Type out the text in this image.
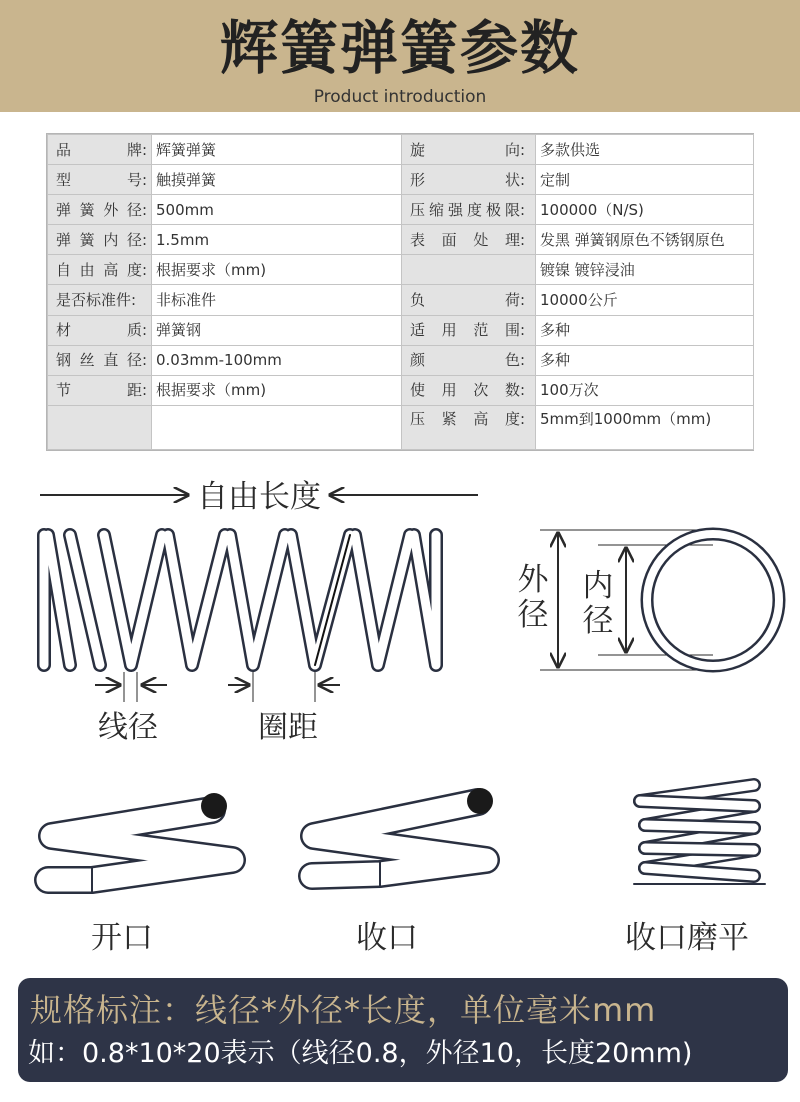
辉簧弹簧参数
Product introduction
品牌:	辉簧弹簧	旋向:	多款供选
型号:	触摸弹簧	形状:	定制
弹簧外径:	500mm	压缩强度极限:	100000（N/S)
弹簧内径:	1.5mm	表面处理:	发黑 弹簧钢原色不锈钢原色
自由高度:	根据要求（mm)		镀镍 镀锌浸油
是否标准件:	非标准件	负荷:	10000公斤
材质:	弹簧钢	适用范围:	多种
钢丝直径:	0.03mm-100mm	颜色:	多种
节距:	根据要求（mm)	使用次数:	100万次
		压紧高度:	5mm到1000mm（mm)
自由长度
线径	圈距
外
径
内
径
开口	收口	收口磨平
规格标注：线径*外径*长度，单位毫米mm
如：0.8*10*20表示（线径0.8，外径10，长度20mm)
